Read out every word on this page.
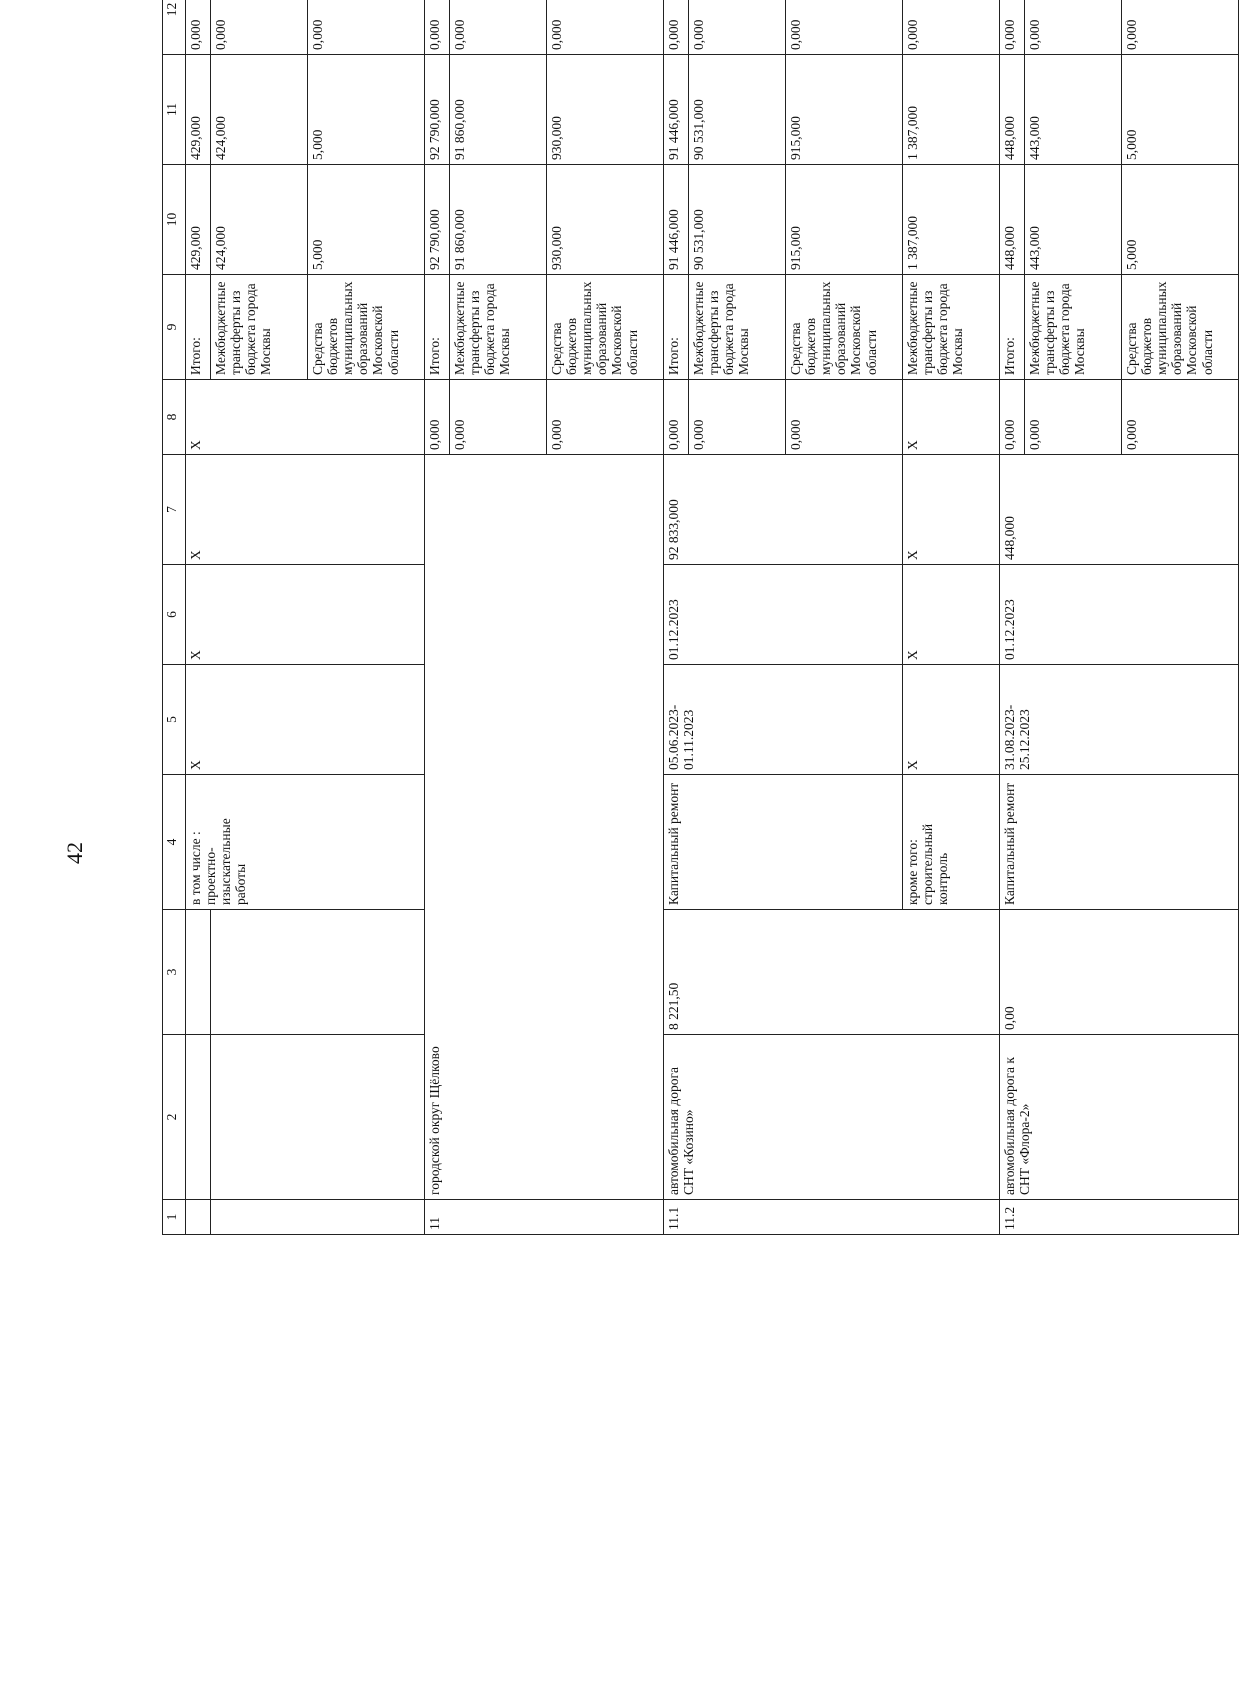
42
1	2	3	4	5	6	7	8	9	10	11	12
			в том числе : проектно-изыскательные работы	Х	Х	Х	Х	Итого:	429,000	429,000	0,000
								Межбюджетные трансферты из бюджета города Москвы	424,000	424,000	0,000
								Средства бюджетов муниципальных образований Московской области	5,000	5,000	0,000
11	городской округ Щёлково						0,000	Итого:	92 790,000	92 790,000	0,000
							0,000	Межбюджетные трансферты из бюджета города Москвы	91 860,000	91 860,000	0,000
							0,000	Средства бюджетов муниципальных образований Московской области	930,000	930,000	0,000
11.1	автомобильная дорога СНТ «Козино»	8 221,50	Капитальный ремонт	05.06.2023-01.11.2023	01.12.2023	92 833,000	0,000	Итого:	91 446,000	91 446,000	0,000
							0,000	Межбюджетные трансферты из бюджета города Москвы	90 531,000	90 531,000	0,000
							0,000	Средства бюджетов муниципальных образований Московской области	915,000	915,000	0,000
			кроме того: строительный контроль	Х	Х	Х	Х	Межбюджетные трансферты из бюджета города Москвы	1 387,000	1 387,000	0,000
11.2	автомобильная дорога к СНТ «Флора-2»	0,00	Капитальный ремонт	31.08.2023-25.12.2023	01.12.2023	448,000	0,000	Итого:	448,000	448,000	0,000
							0,000	Межбюджетные трансферты из бюджета города Москвы	443,000	443,000	0,000
							0,000	Средства бюджетов муниципальных образований Московской области	5,000	5,000	0,000
